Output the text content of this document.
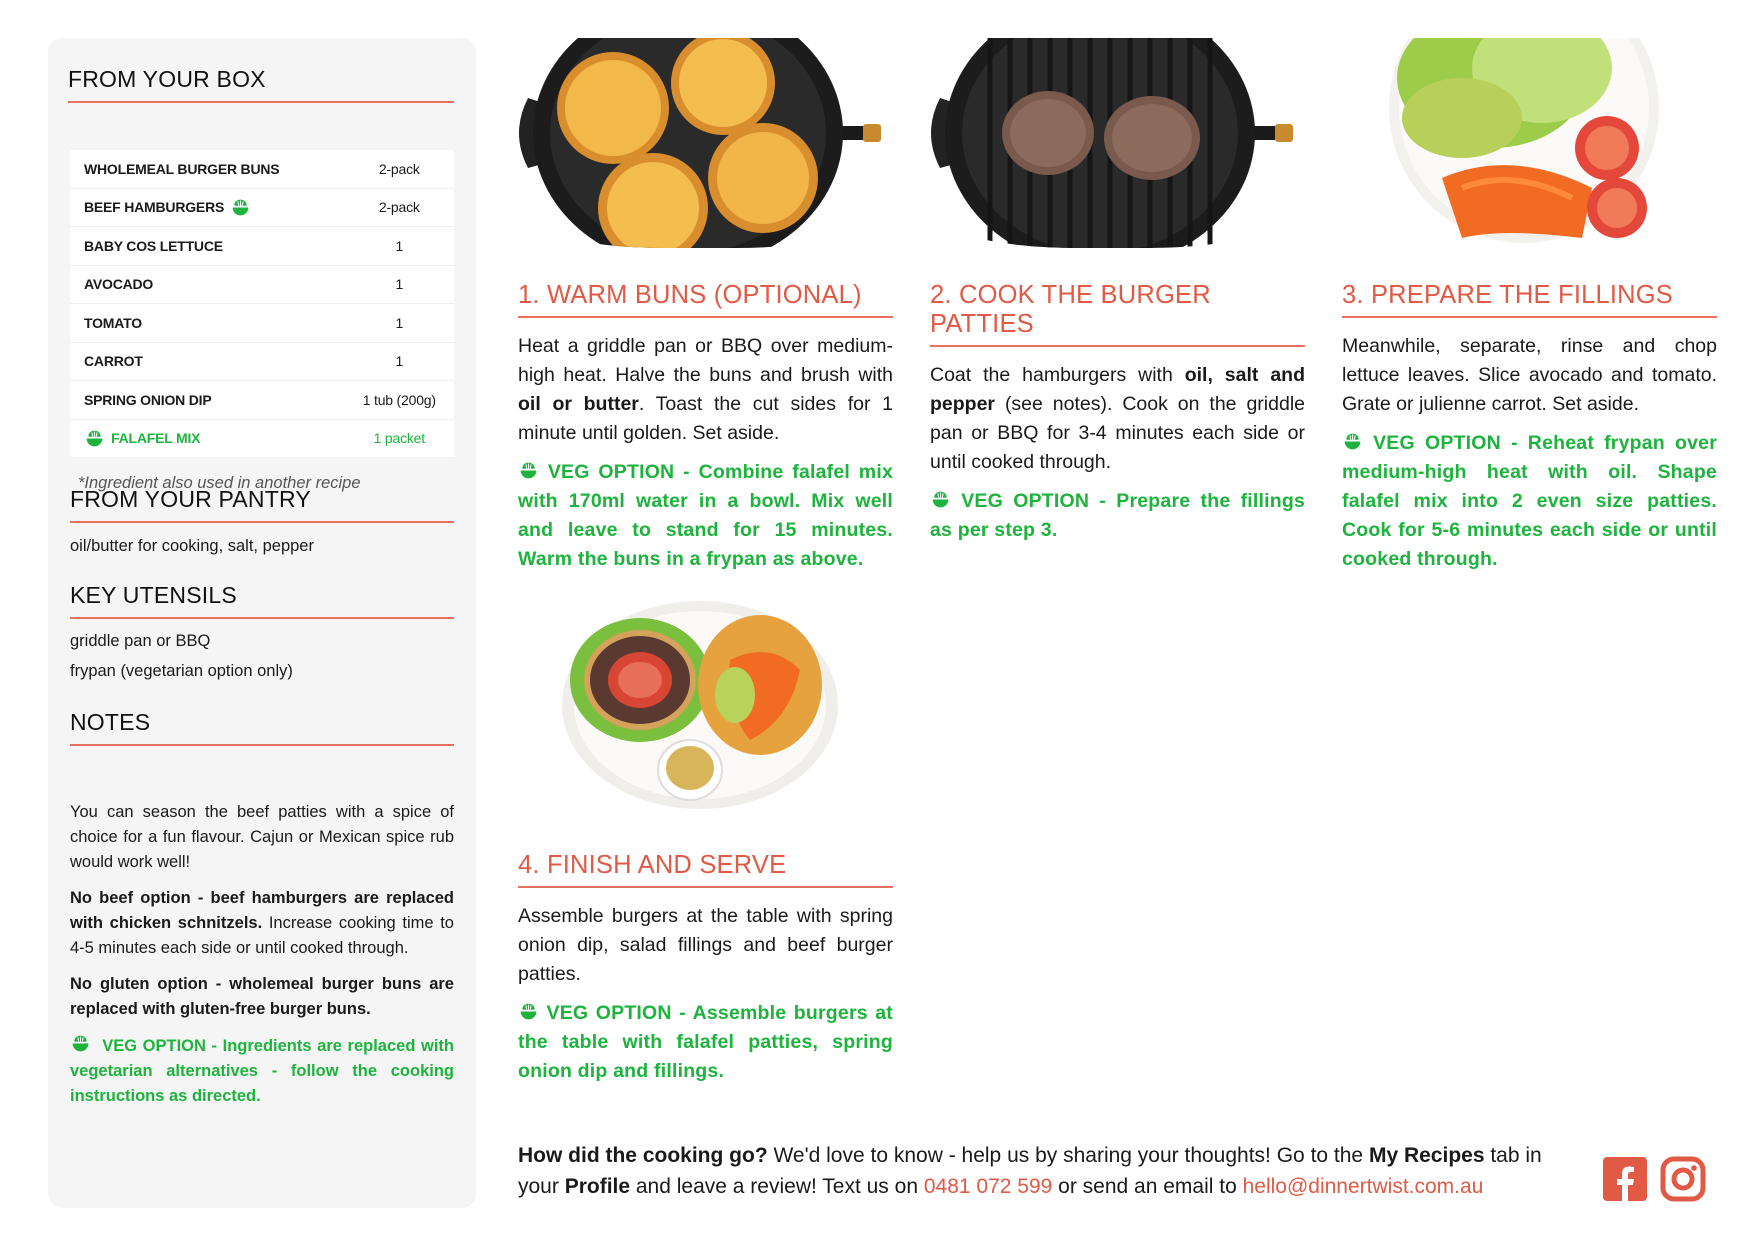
FROM YOUR BOX
WHOLEMEAL BURGER BUNS	2-pack
BEEF HAMBURGERS	2-pack
BABY COS LETTUCE	1
AVOCADO	1
TOMATO	1
CARROT	1
SPRING ONION DIP	1 tub (200g)
FALAFEL MIX	1 packet
*Ingredient also used in another recipe
FROM YOUR PANTRY
oil/butter for cooking, salt, pepper
KEY UTENSILS
griddle pan or BBQ
frypan (vegetarian option only)
NOTES

You can season the beef patties with a spice of choice for a fun flavour. Cajun or Mexican spice rub would work well!

No beef option - beef hamburgers are replaced with chicken schnitzels. Increase cooking time to 4-5 minutes each side or until cooked through.

No gluten option - wholemeal burger buns are replaced with gluten-free burger buns.

VEG OPTION - Ingredients are replaced with vegetarian alternatives - follow the cooking instructions as directed.

1. WARM BUNS (OPTIONAL)
Heat a griddle pan or BBQ over medium-high heat. Halve the buns and brush with oil or butter. Toast the cut sides for 1 minute until golden. Set aside.
VEG OPTION - Combine falafel mix with 170ml water in a bowl. Mix well and leave to stand for 15 minutes. Warm the buns in a frypan as above.
2. COOK THE BURGER PATTIES
Coat the hamburgers with oil, salt and pepper (see notes). Cook on the griddle pan or BBQ for 3-4 minutes each side or until cooked through.
VEG OPTION - Prepare the fillings as per step 3.
3. PREPARE THE FILLINGS
Meanwhile, separate, rinse and chop lettuce leaves. Slice avocado and tomato. Grate or julienne carrot. Set aside.
VEG OPTION - Reheat frypan over medium-high heat with oil. Shape falafel mix into 2 even size patties. Cook for 5-6 minutes each side or until cooked through.
4. FINISH AND SERVE
Assemble burgers at the table with spring onion dip, salad fillings and beef burger patties.
VEG OPTION - Assemble burgers at the table with falafel patties, spring onion dip and fillings.
How did the cooking go? We'd love to know - help us by sharing your thoughts! Go to the My Recipes tab in your Profile and leave a review! Text us on 0481 072 599 or send an email to hello@dinnertwist.com.au
